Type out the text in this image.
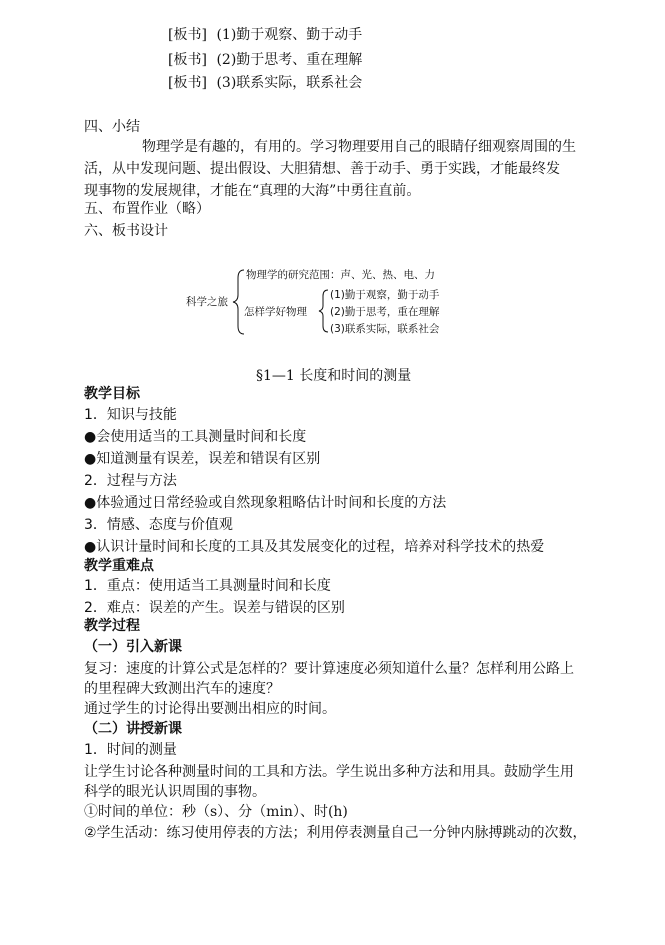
[板书] (1)勤于观察、勤于动手
[板书] (2)勤于思考、重在理解
[板书] (3)联系实际，联系社会
四、小结
物理学是有趣的，有用的。学习物理要用自己的眼睛仔细观察周围的生
活，从中发现问题、提出假设、大胆猜想、善于动手、勇于实践，才能最终发
现事物的发展规律，才能在“真理的大海”中勇往直前。
五、布置作业（略）
六、板书设计
科学之旅
物理学的研究范围：声、光、热、电、力
怎样学好物理
(1)勤于观察，勤于动手
(2)勤于思考，重在理解
(3)联系实际，联系社会
§1—1 长度和时间的测量
教学目标
1．知识与技能
●会使用适当的工具测量时间和长度
●知道测量有误差，误差和错误有区别
2．过程与方法
●体验通过日常经验或自然现象粗略估计时间和长度的方法
3．情感、态度与价值观
●认识计量时间和长度的工具及其发展变化的过程，培养对科学技术的热爱
教学重难点
1．重点：使用适当工具测量时间和长度
2．难点：误差的产生。误差与错误的区别
教学过程
（一）引入新课
复习：速度的计算公式是怎样的？要计算速度必须知道什么量？怎样利用公路上
的里程碑大致测出汽车的速度？
通过学生的讨论得出要测出相应的时间。
（二）讲授新课
1．时间的测量
让学生讨论各种测量时间的工具和方法。学生说出多种方法和用具。鼓励学生用
科学的眼光认识周围的事物。
①时间的单位：秒（s）、分（min）、时(h)
②学生活动：练习使用停表的方法；利用停表测量自己一分钟内脉搏跳动的次数，
